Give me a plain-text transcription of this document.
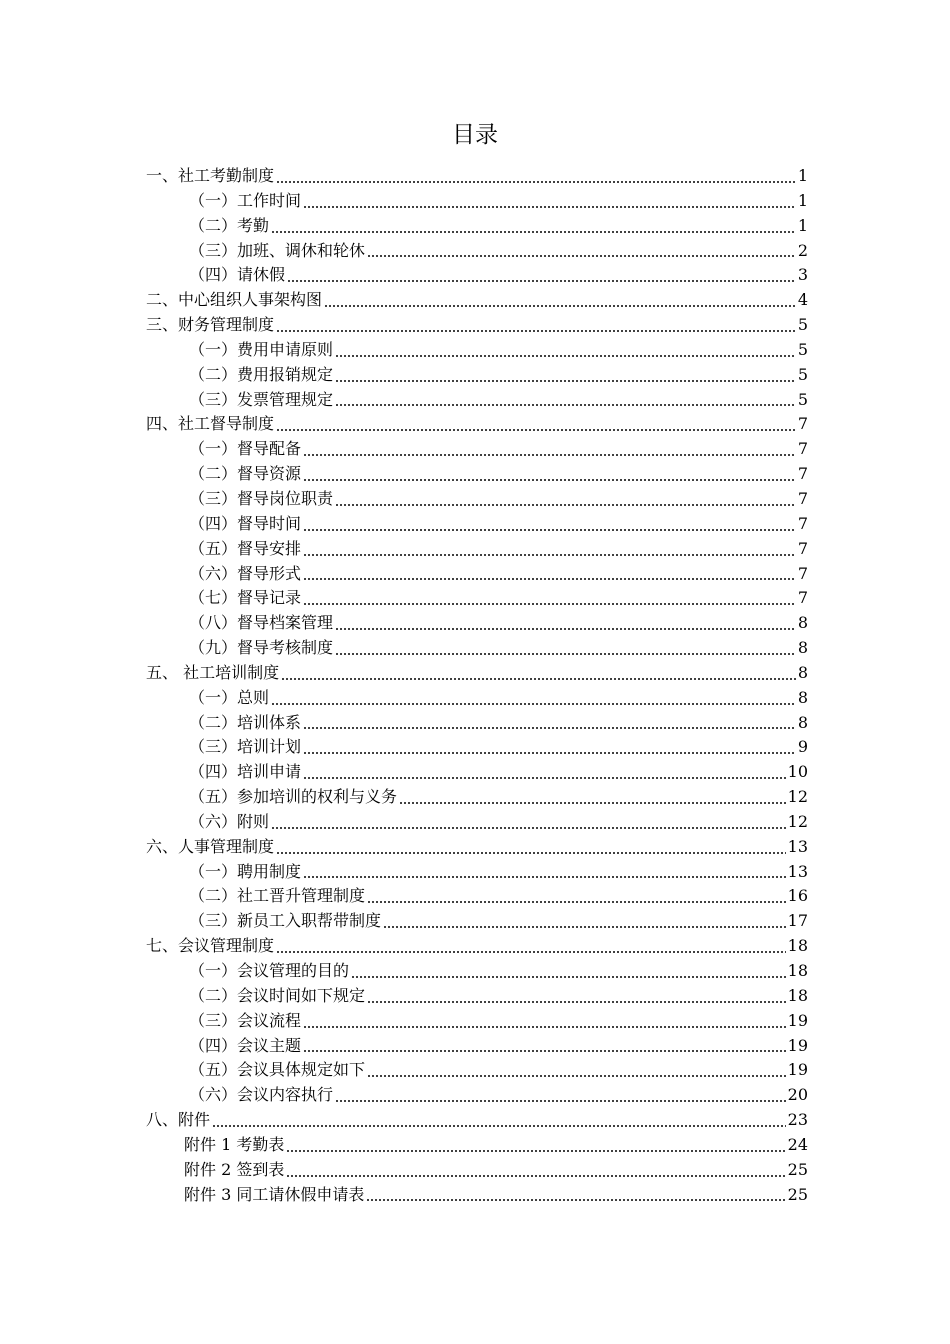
目录
一、社工考勤制度	1
（一）工作时间	1
（二）考勤	1
（三）加班、调休和轮休	2
（四）请休假	3
二、中心组织人事架构图	4
三、财务管理制度	5
（一）费用申请原则	5
（二）费用报销规定	5
（三）发票管理规定	5
四、社工督导制度	7
（一）督导配备	7
（二）督导资源	7
（三）督导岗位职责	7
（四）督导时间	7
（五）督导安排	7
（六）督导形式	7
（七）督导记录	7
（八）督导档案管理	8
（九）督导考核制度	8
五、 社工培训制度	8
（一）总则	8
（二）培训体系	8
（三）培训计划	9
（四）培训申请	10
（五）参加培训的权利与义务	12
（六）附则	12
六、人事管理制度	13
（一）聘用制度	13
（二）社工晋升管理制度	16
（三）新员工入职帮带制度	17
七、会议管理制度	18
（一）会议管理的目的	18
（二）会议时间如下规定	18
（三）会议流程	19
（四）会议主题	19
（五）会议具体规定如下	19
（六）会议内容执行	20
八、附件	23
附件 1 考勤表	24
附件 2 签到表	25
附件 3 同工请休假申请表	25
